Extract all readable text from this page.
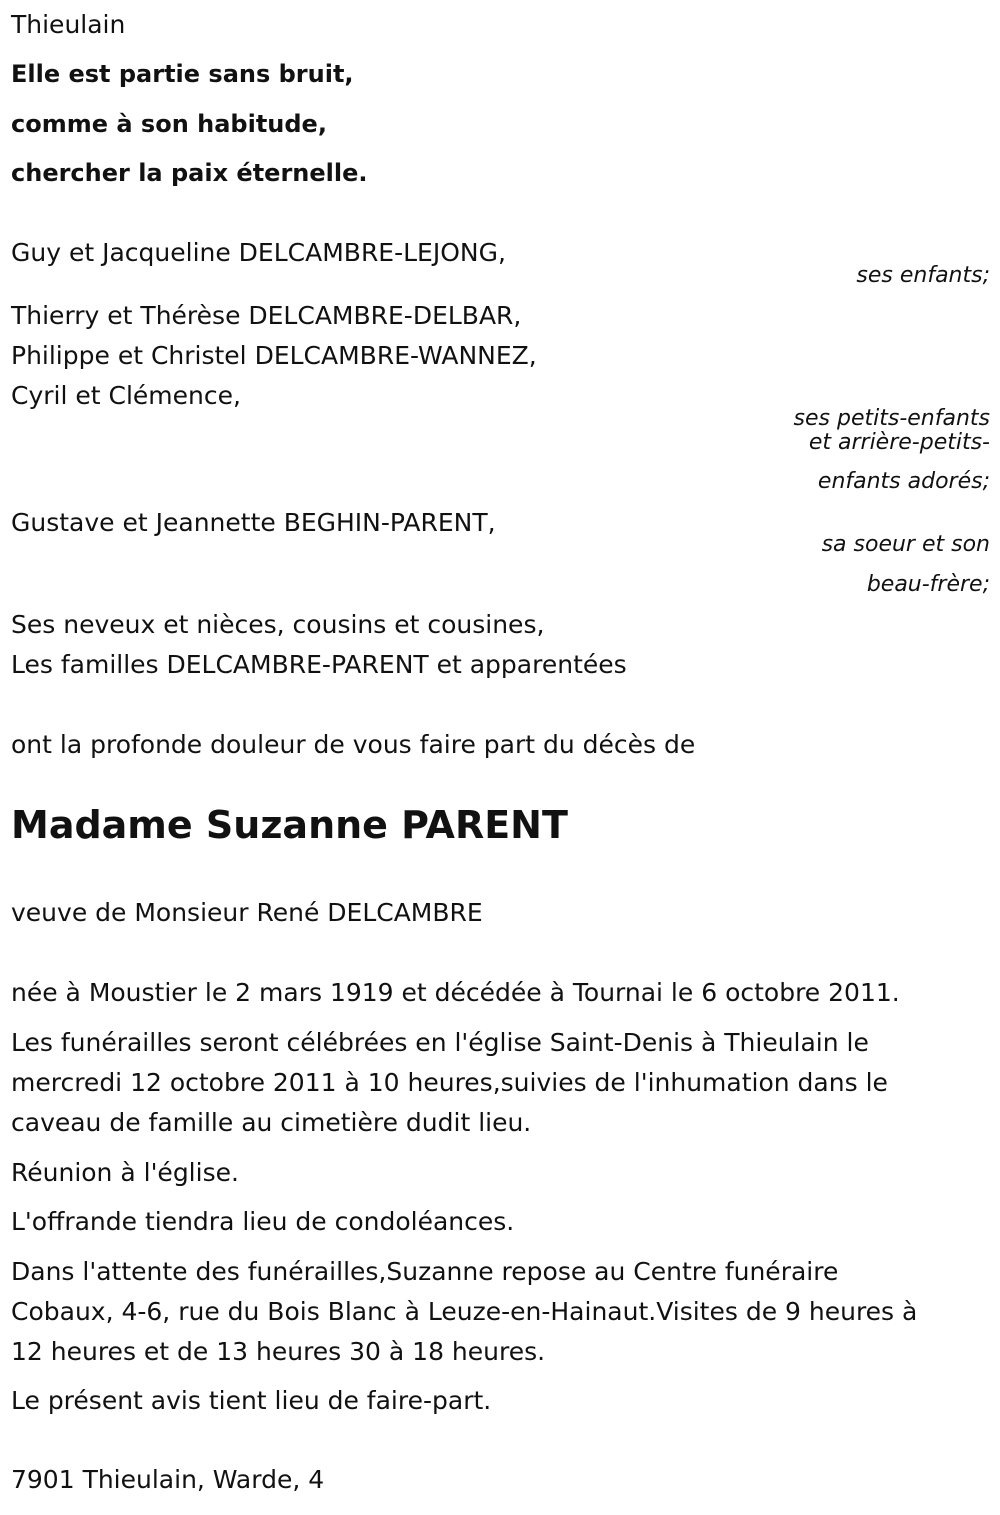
Thieulain
Elle est partie sans bruit,
comme à son habitude,
chercher la paix éternelle.
Guy et Jacqueline DELCAMBRE-LEJONG,
ses enfants;
Thierry et Thérèse DELCAMBRE-DELBAR,
Philippe et Christel DELCAMBRE-WANNEZ,
Cyril et Clémence,
ses petits-enfants
et arrière-petits-
enfants adorés;
Gustave et Jeannette BEGHIN-PARENT,
sa soeur et son
beau-frère;
Ses neveux et nièces, cousins et cousines,
Les familles DELCAMBRE-PARENT et apparentées
ont la profonde douleur de vous faire part du décès de
Madame Suzanne PARENT
veuve de Monsieur René DELCAMBRE
née à Moustier le 2 mars 1919 et décédée à Tournai le 6 octobre 2011.
Les funérailles seront célébrées en l'église Saint-Denis à Thieulain le
mercredi 12 octobre 2011 à 10 heures,suivies de l'inhumation dans le
caveau de famille au cimetière dudit lieu.
Réunion à l'église.
L'offrande tiendra lieu de condoléances.
Dans l'attente des funérailles,Suzanne repose au Centre funéraire
Cobaux, 4-6, rue du Bois Blanc à Leuze-en-Hainaut.Visites de 9 heures à
12 heures et de 13 heures 30 à 18 heures.
Le présent avis tient lieu de faire-part.
7901 Thieulain, Warde, 4
